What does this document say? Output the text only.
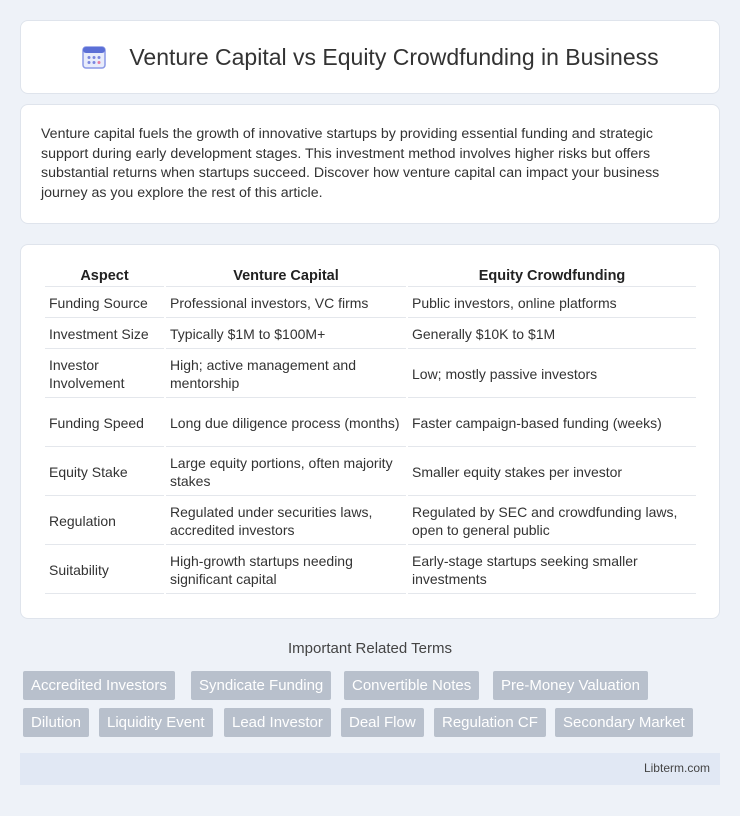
Venture Capital vs Equity Crowdfunding in Business

Venture capital fuels the growth of innovative startups by providing essential funding and strategic support during early development stages. This investment method involves higher risks but offers substantial returns when startups succeed. Discover how venture capital can impact your business journey as you explore the rest of this article.

Aspect	Venture Capital	Equity Crowdfunding
Funding Source	Professional investors, VC firms	Public investors, online platforms
Investment Size	Typically $1M to $100M+	Generally $10K to $1M
Investor Involvement	High; active management and mentorship	Low; mostly passive investors
Funding Speed	Long due diligence process (months)	Faster campaign-based funding (weeks)
Equity Stake	Large equity portions, often majority stakes	Smaller equity stakes per investor
Regulation	Regulated under securities laws, accredited investors	Regulated by SEC and crowdfunding laws, open to general public
Suitability	High-growth startups needing significant capital	Early-stage startups seeking smaller investments
Important Related Terms
Accredited Investors	Syndicate Funding	Convertible Notes	Pre-Money Valuation
Dilution	Liquidity Event	Lead Investor	Deal Flow	Regulation CF	Secondary Market
Libterm.com
